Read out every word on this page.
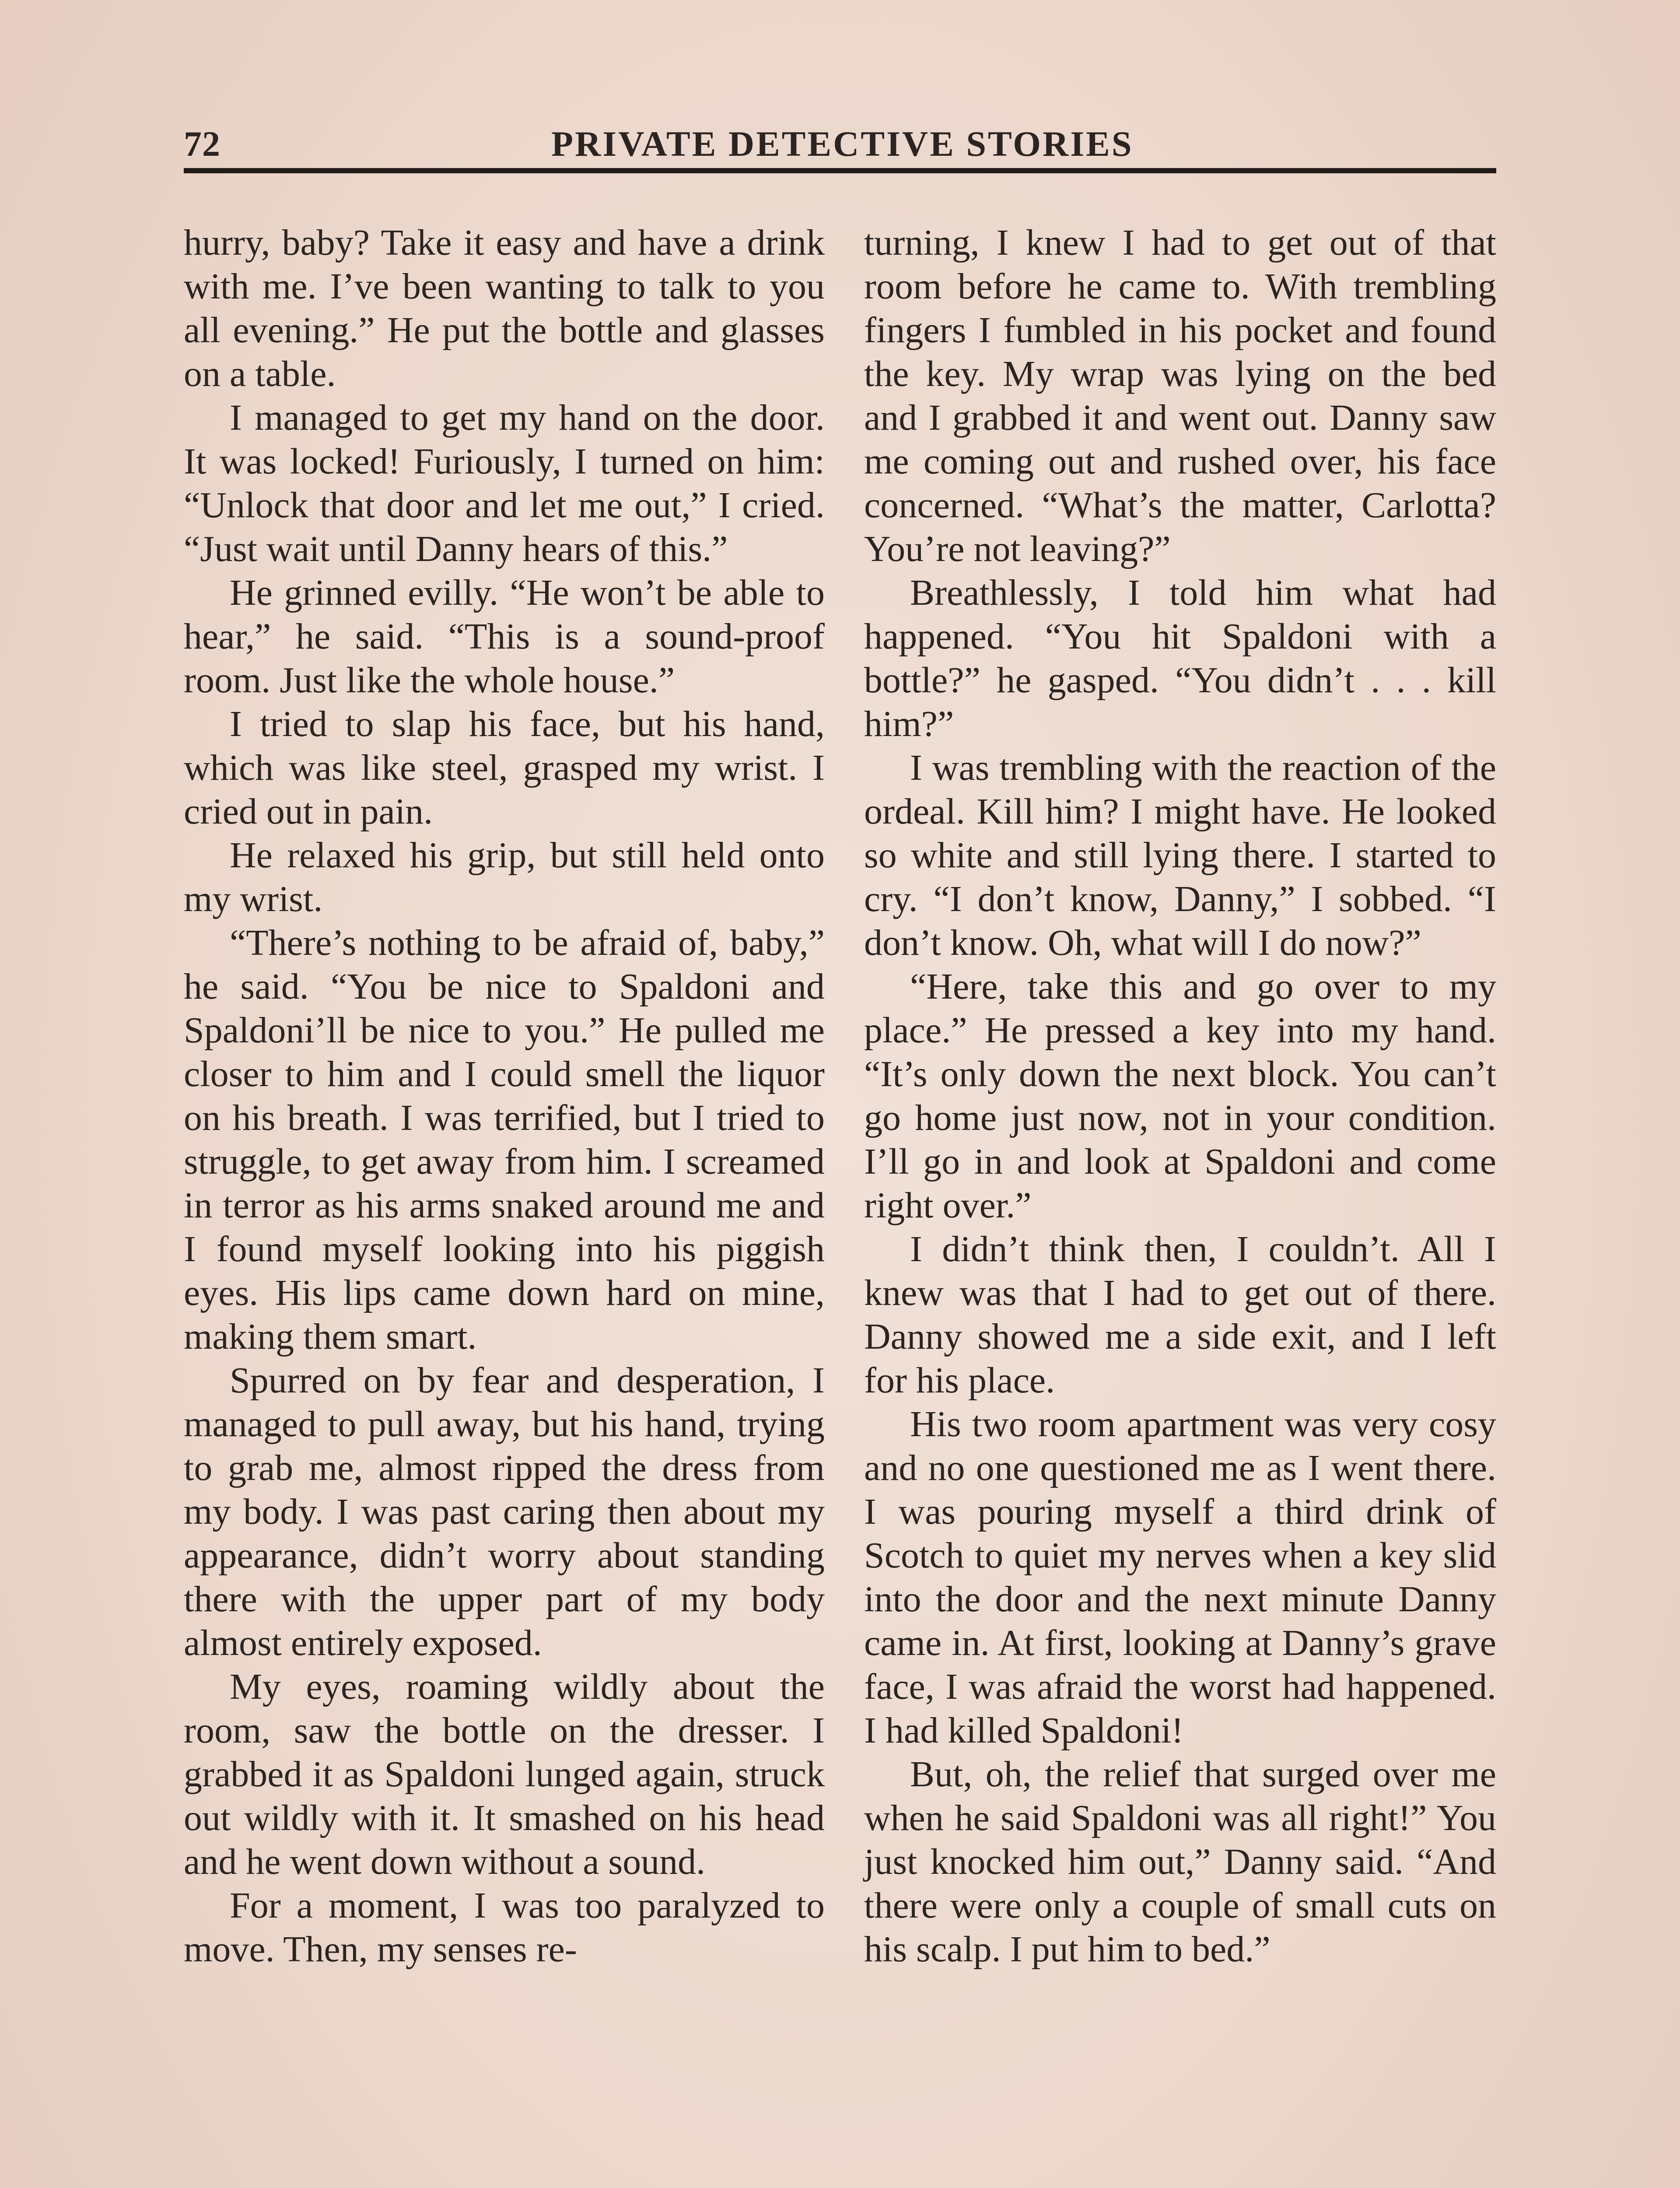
72	PRIVATE DETECTIVE STORIES

hurry, baby? Take it easy and have a drink with me. I’ve been wanting to talk to you all evening.” He put the bottle and glasses on a table.

I managed to get my hand on the door. It was locked! Furiously, I turned on him: “Unlock that door and let me out,” I cried. “Just wait until Danny hears of this.”

He grinned evilly. “He won’t be able to hear,” he said. “This is a sound-proof room. Just like the whole house.”

I tried to slap his face, but his hand, which was like steel, grasped my wrist. I cried out in pain.

He relaxed his grip, but still held onto my wrist.

“There’s nothing to be afraid of, baby,” he said. “You be nice to Spaldoni and Spaldoni’ll be nice to you.” He pulled me closer to him and I could smell the liquor on his breath. I was terrified, but I tried to struggle, to get away from him. I screamed in terror as his arms snaked around me and I found myself looking into his piggish eyes. His lips came down hard on mine, making them smart.

Spurred on by fear and desperation, I managed to pull away, but his hand, trying to grab me, almost ripped the dress from my body. I was past caring then about my appearance, didn’t worry about standing there with the upper part of my body almost entirely exposed.

My eyes, roaming wildly about the room, saw the bottle on the dresser. I grabbed it as Spaldoni lunged again, struck out wildly with it. It smashed on his head and he went down without a sound.

For a moment, I was too paralyzed to move. Then, my senses re-

turning, I knew I had to get out of that room before he came to. With trembling fingers I fumbled in his pocket and found the key. My wrap was lying on the bed and I grabbed it and went out. Danny saw me coming out and rushed over, his face concerned. “What’s the matter, Carlotta? You’re not leaving?”

Breathlessly, I told him what had happened. “You hit Spaldoni with a bottle?” he gasped. “You didn’t . . . kill him?”

I was trembling with the reaction of the ordeal. Kill him? I might have. He looked so white and still lying there. I started to cry. “I don’t know, Danny,” I sobbed. “I don’t know. Oh, what will I do now?”

“Here, take this and go over to my place.” He pressed a key into my hand. “It’s only down the next block. You can’t go home just now, not in your condition. I’ll go in and look at Spaldoni and come right over.”

I didn’t think then, I couldn’t. All I knew was that I had to get out of there. Danny showed me a side exit, and I left for his place.

His two room apartment was very cosy and no one questioned me as I went there. I was pouring myself a third drink of Scotch to quiet my nerves when a key slid into the door and the next minute Danny came in. At first, looking at Danny’s grave face, I was afraid the worst had happened. I had killed Spaldoni!

But, oh, the relief that surged over me when he said Spaldoni was all right!” You just knocked him out,” Danny said. “And there were only a couple of small cuts on his scalp. I put him to bed.”
